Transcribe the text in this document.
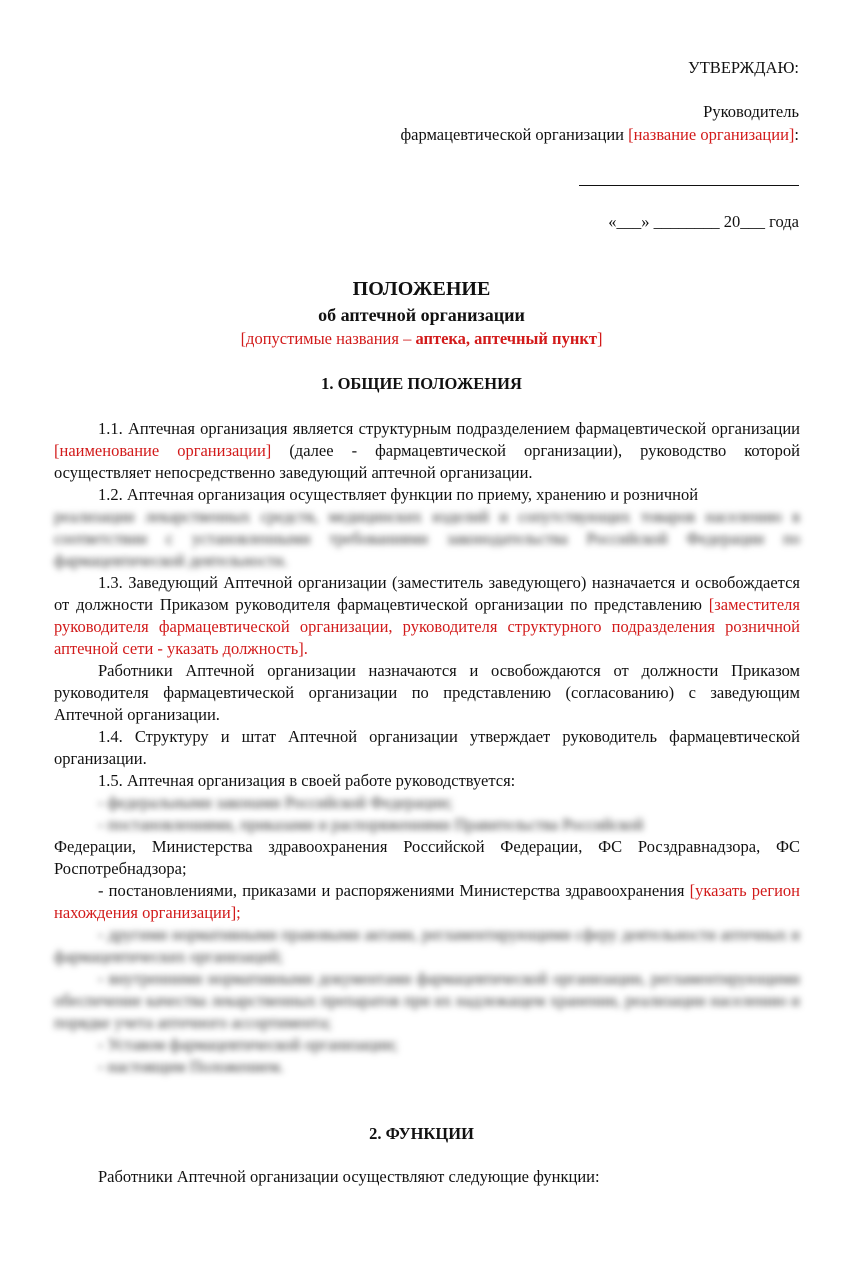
УТВЕРЖДАЮ:
Руководитель
фармацевтической организации [название организации]:
«___» ________ 20___ года
ПОЛОЖЕНИЕ
об аптечной организации
[допустимые названия – аптека, аптечный пункт]
1. ОБЩИЕ ПОЛОЖЕНИЯ

1.1. Аптечная организация является структурным подразделением фармацевтической организации [наименование организации] (далее - фармацевтической организации), руководство которой осуществляет непосредственно заведующий аптечной организации.

1.2. Аптечная организация осуществляет функции по приему, хранению и розничной

реализации лекарственных средств, медицинских изделий и сопутствующих товаров населению в соответствии с установленными требованиями законодательства Российской Федерации по фармацевтической деятельности.

1.3. Заведующий Аптечной организации (заместитель заведующего) назначается и освобождается от должности Приказом руководителя фармацевтической организации по представлению [заместителя руководителя фармацевтической организации, руководителя структурного подразделения розничной аптечной сети - указать должность].

Работники Аптечной организации назначаются и освобождаются от должности Приказом руководителя фармацевтической организации по представлению (согласованию) с заведующим Аптечной организации.

1.4. Структуру и штат Аптечной организации утверждает руководитель фармацевтической организации.

1.5. Аптечная организация в своей работе руководствуется:

- федеральными законами Российской Федерации;

- постановлениями, приказами и распоряжениями Правительства Российской

Федерации, Министерства здравоохранения Российской Федерации, ФС Росздравнадзора, ФС Роспотребнадзора;

- постановлениями, приказами и распоряжениями Министерства здравоохранения [указать регион нахождения организации];

- другими нормативными правовыми актами, регламентирующими сферу деятельности аптечных и фармацевтических организаций;

- внутренними нормативными документами фармацевтической организации, регламентирующими обеспечение качества лекарственных препаратов при их надлежащем хранении, реализации населению и порядке учета аптечного ассортимента;

- Уставом фармацевтической организации;

- настоящим Положением.

2. ФУНКЦИИ

Работники Аптечной организации осуществляют следующие функции:
